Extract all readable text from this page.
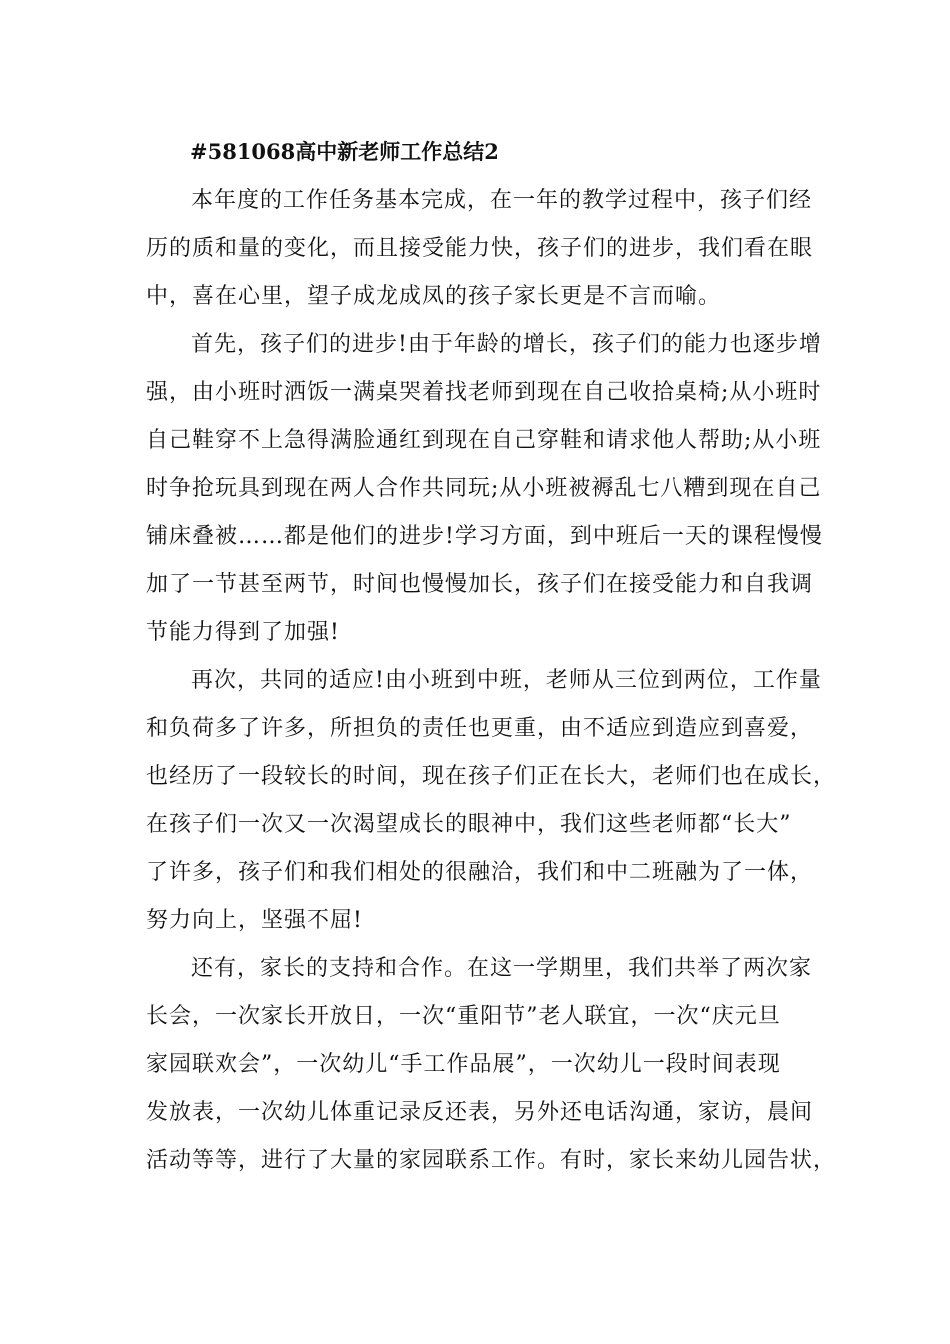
#581068高中新老师工作总结2
本年度的工作任务基本完成，在一年的教学过程中，孩子们经
历的质和量的变化，而且接受能力快，孩子们的进步，我们看在眼
中，喜在心里，望子成龙成凤的孩子家长更是不言而喻。
首先，孩子们的进步!由于年龄的增长，孩子们的能力也逐步增
强，由小班时洒饭一满桌哭着找老师到现在自己收拾桌椅;从小班时
自己鞋穿不上急得满脸通红到现在自己穿鞋和请求他人帮助;从小班
时争抢玩具到现在两人合作共同玩;从小班被褥乱七八糟到现在自己
铺床叠被……都是他们的进步!学习方面，到中班后一天的课程慢慢
加了一节甚至两节，时间也慢慢加长，孩子们在接受能力和自我调
节能力得到了加强!
再次，共同的适应!由小班到中班，老师从三位到两位，工作量
和负荷多了许多，所担负的责任也更重，由不适应到造应到喜爱，
也经历了一段较长的时间，现在孩子们正在长大，老师们也在成长，
在孩子们一次又一次渴望成长的眼神中，我们这些老师都“长大”
了许多，孩子们和我们相处的很融洽，我们和中二班融为了一体，
努力向上，坚强不屈!
还有，家长的支持和合作。在这一学期里，我们共举了两次家
长会，一次家长开放日，一次“重阳节”老人联宜，一次“庆元旦
家园联欢会”，一次幼儿“手工作品展”，一次幼儿一段时间表现
发放表，一次幼儿体重记录反还表，另外还电话沟通，家访，晨间
活动等等，进行了大量的家园联系工作。有时，家长来幼儿园告状，
